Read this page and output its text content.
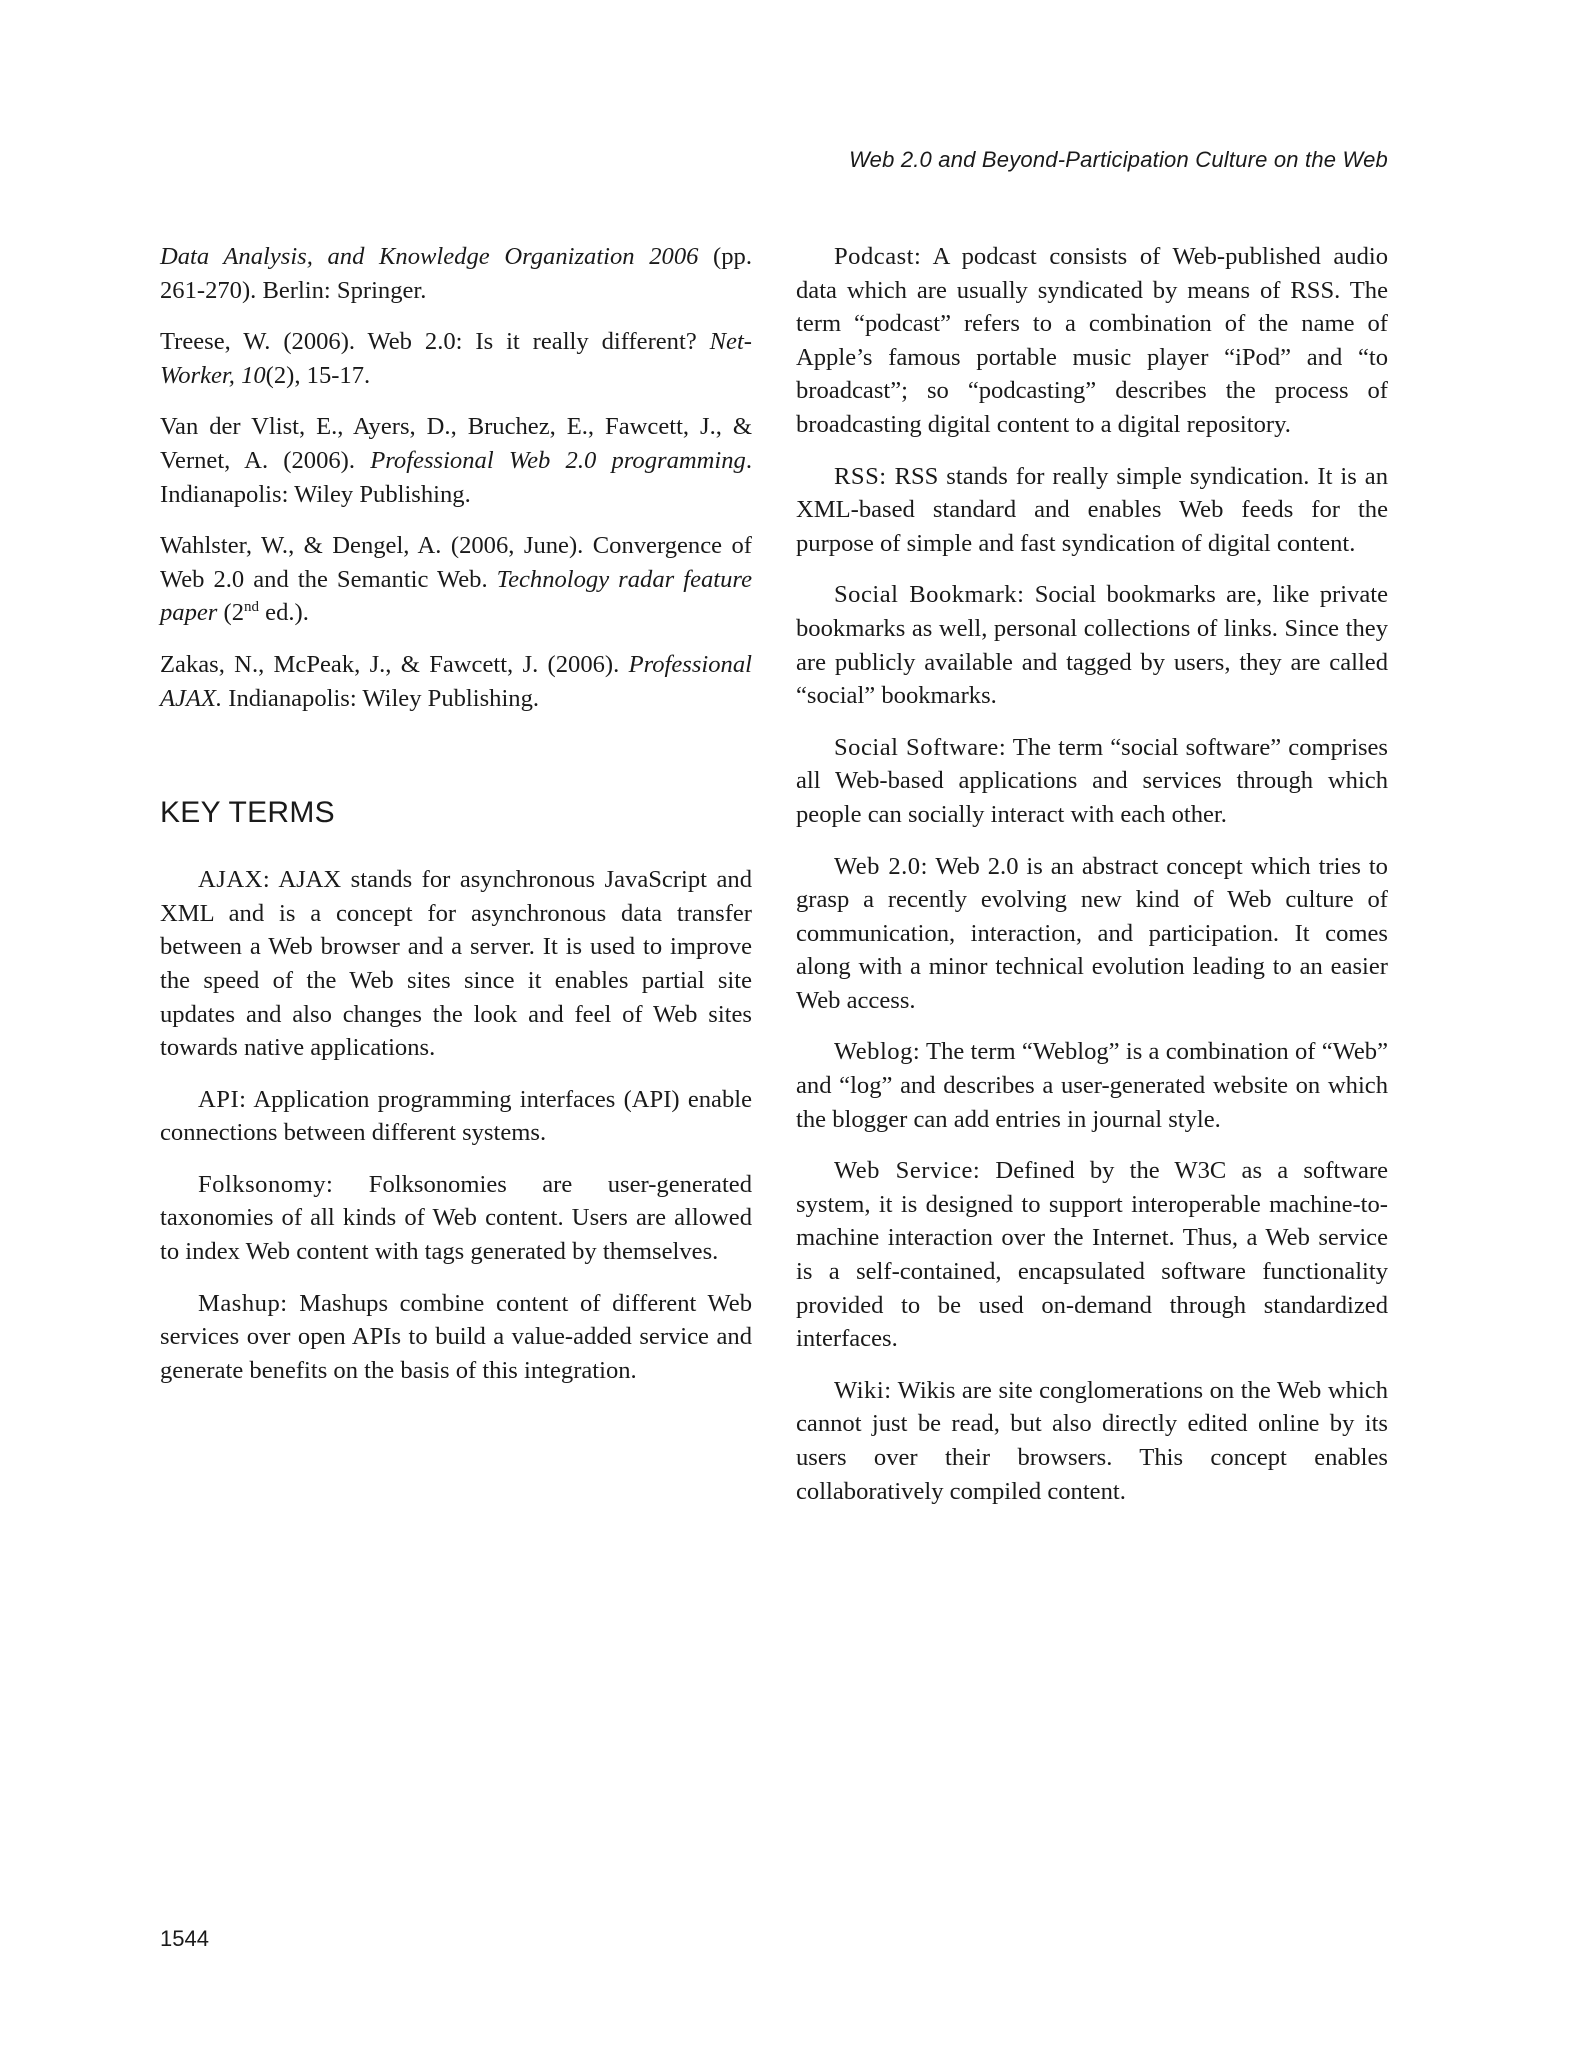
Web 2.0 and Beyond-Participation Culture on the Web

Data Analysis, and Knowledge Organization 2006 (pp. 261-270). Berlin: Springer.

Treese, W. (2006). Web 2.0: Is it really different? Net-Worker, 10(2), 15-17.

Van der Vlist, E., Ayers, D., Bruchez, E., Fawcett, J., & Vernet, A. (2006). Professional Web 2.0 programming. Indianapolis: Wiley Publishing.

Wahlster, W., & Dengel, A. (2006, June). Convergence of Web 2.0 and the Semantic Web. Technology radar feature paper (2nd ed.).

Zakas, N., McPeak, J., & Fawcett, J. (2006). Professional AJAX. Indianapolis: Wiley Publishing.

KEY TERMS

AJAX: AJAX stands for asynchronous JavaScript and XML and is a concept for asynchronous data transfer between a Web browser and a server. It is used to improve the speed of the Web sites since it enables partial site updates and also changes the look and feel of Web sites towards native applications.

API: Application programming interfaces (API) enable connections between different systems.

Folksonomy: Folksonomies are user-generated taxonomies of all kinds of Web content. Users are allowed to index Web content with tags generated by themselves.

Mashup: Mashups combine content of different Web services over open APIs to build a value-added service and generate benefits on the basis of this integration.

Podcast: A podcast consists of Web-published audio data which are usually syndicated by means of RSS. The term “podcast” refers to a combination of the name of Apple’s famous portable music player “iPod” and “to broadcast”; so “podcasting” describes the process of broadcasting digital content to a digital repository.

RSS: RSS stands for really simple syndication. It is an XML-based standard and enables Web feeds for the purpose of simple and fast syndication of digital content.

Social Bookmark: Social bookmarks are, like private bookmarks as well, personal collections of links. Since they are publicly available and tagged by users, they are called “social” bookmarks.

Social Software: The term “social software” comprises all Web-based applications and services through which people can socially interact with each other.

Web 2.0: Web 2.0 is an abstract concept which tries to grasp a recently evolving new kind of Web culture of communication, interaction, and participation. It comes along with a minor technical evolution leading to an easier Web access.

Weblog: The term “Weblog” is a combination of “Web” and “log” and describes a user-generated website on which the blogger can add entries in journal style.

Web Service: Defined by the W3C as a software system, it is designed to support interoperable machine-to-machine interaction over the Internet. Thus, a Web service is a self-contained, encapsulated software functionality provided to be used on-demand through standardized interfaces.

Wiki: Wikis are site conglomerations on the Web which cannot just be read, but also directly edited online by its users over their browsers. This concept enables collaboratively compiled content.

1544
